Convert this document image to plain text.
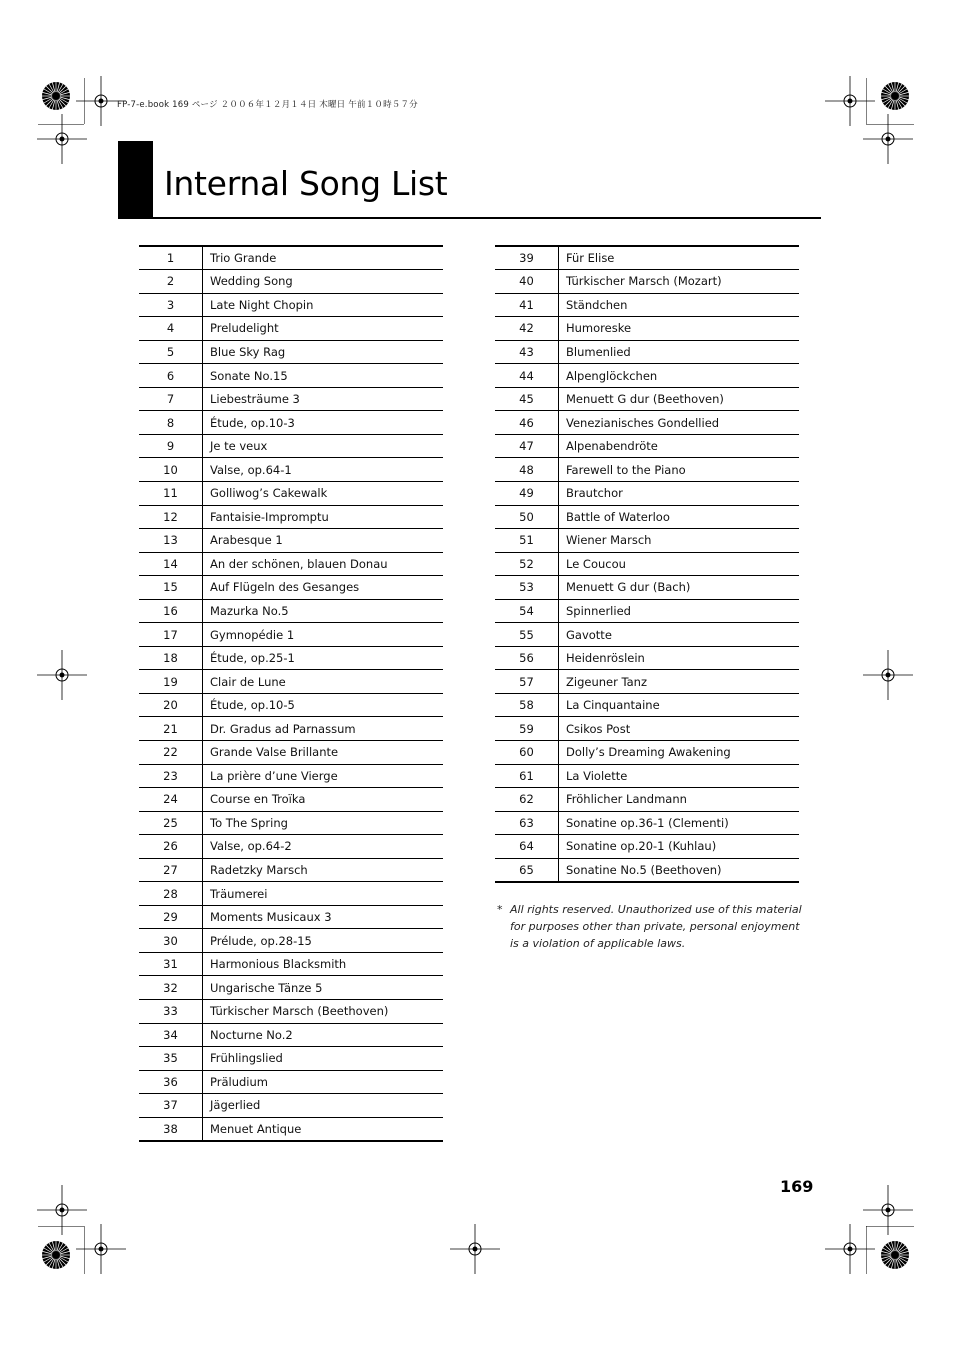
FP-7-e.book 169 ページ ２００６年１２月１４日 木曜日 午前１０時５７分
Internal Song List
1	Trio Grande
2	Wedding Song
3	Late Night Chopin
4	Preludelight
5	Blue Sky Rag
6	Sonate No.15
7	Liebesträume 3
8	Étude, op.10-3
9	Je te veux
10	Valse, op.64-1
11	Golliwog’s Cakewalk
12	Fantaisie-Impromptu
13	Arabesque 1
14	An der schönen, blauen Donau
15	Auf Flügeln des Gesanges
16	Mazurka No.5
17	Gymnopédie 1
18	Étude, op.25-1
19	Clair de Lune
20	Étude, op.10-5
21	Dr. Gradus ad Parnassum
22	Grande Valse Brillante
23	La prière d’une Vierge
24	Course en Troïka
25	To The Spring
26	Valse, op.64-2
27	Radetzky Marsch
28	Träumerei
29	Moments Musicaux 3
30	Prélude, op.28-15
31	Harmonious Blacksmith
32	Ungarische Tänze 5
33	Türkischer Marsch (Beethoven)
34	Nocturne No.2
35	Frühlingslied
36	Präludium
37	Jägerlied
38	Menuet Antique
39	Für Elise
40	Türkischer Marsch (Mozart)
41	Ständchen
42	Humoreske
43	Blumenlied
44	Alpenglöckchen
45	Menuett G dur (Beethoven)
46	Venezianisches Gondellied
47	Alpenabendröte
48	Farewell to the Piano
49	Brautchor
50	Battle of Waterloo
51	Wiener Marsch
52	Le Coucou
53	Menuett G dur (Bach)
54	Spinnerlied
55	Gavotte
56	Heidenröslein
57	Zigeuner Tanz
58	La Cinquantaine
59	Csikos Post
60	Dolly’s Dreaming Awakening
61	La Violette
62	Fröhlicher Landmann
63	Sonatine op.36-1 (Clementi)
64	Sonatine op.20-1 (Kuhlau)
65	Sonatine No.5 (Beethoven)
* All rights reserved. Unauthorized use of this material for purposes other than private, personal enjoyment is a violation of applicable laws.
169
